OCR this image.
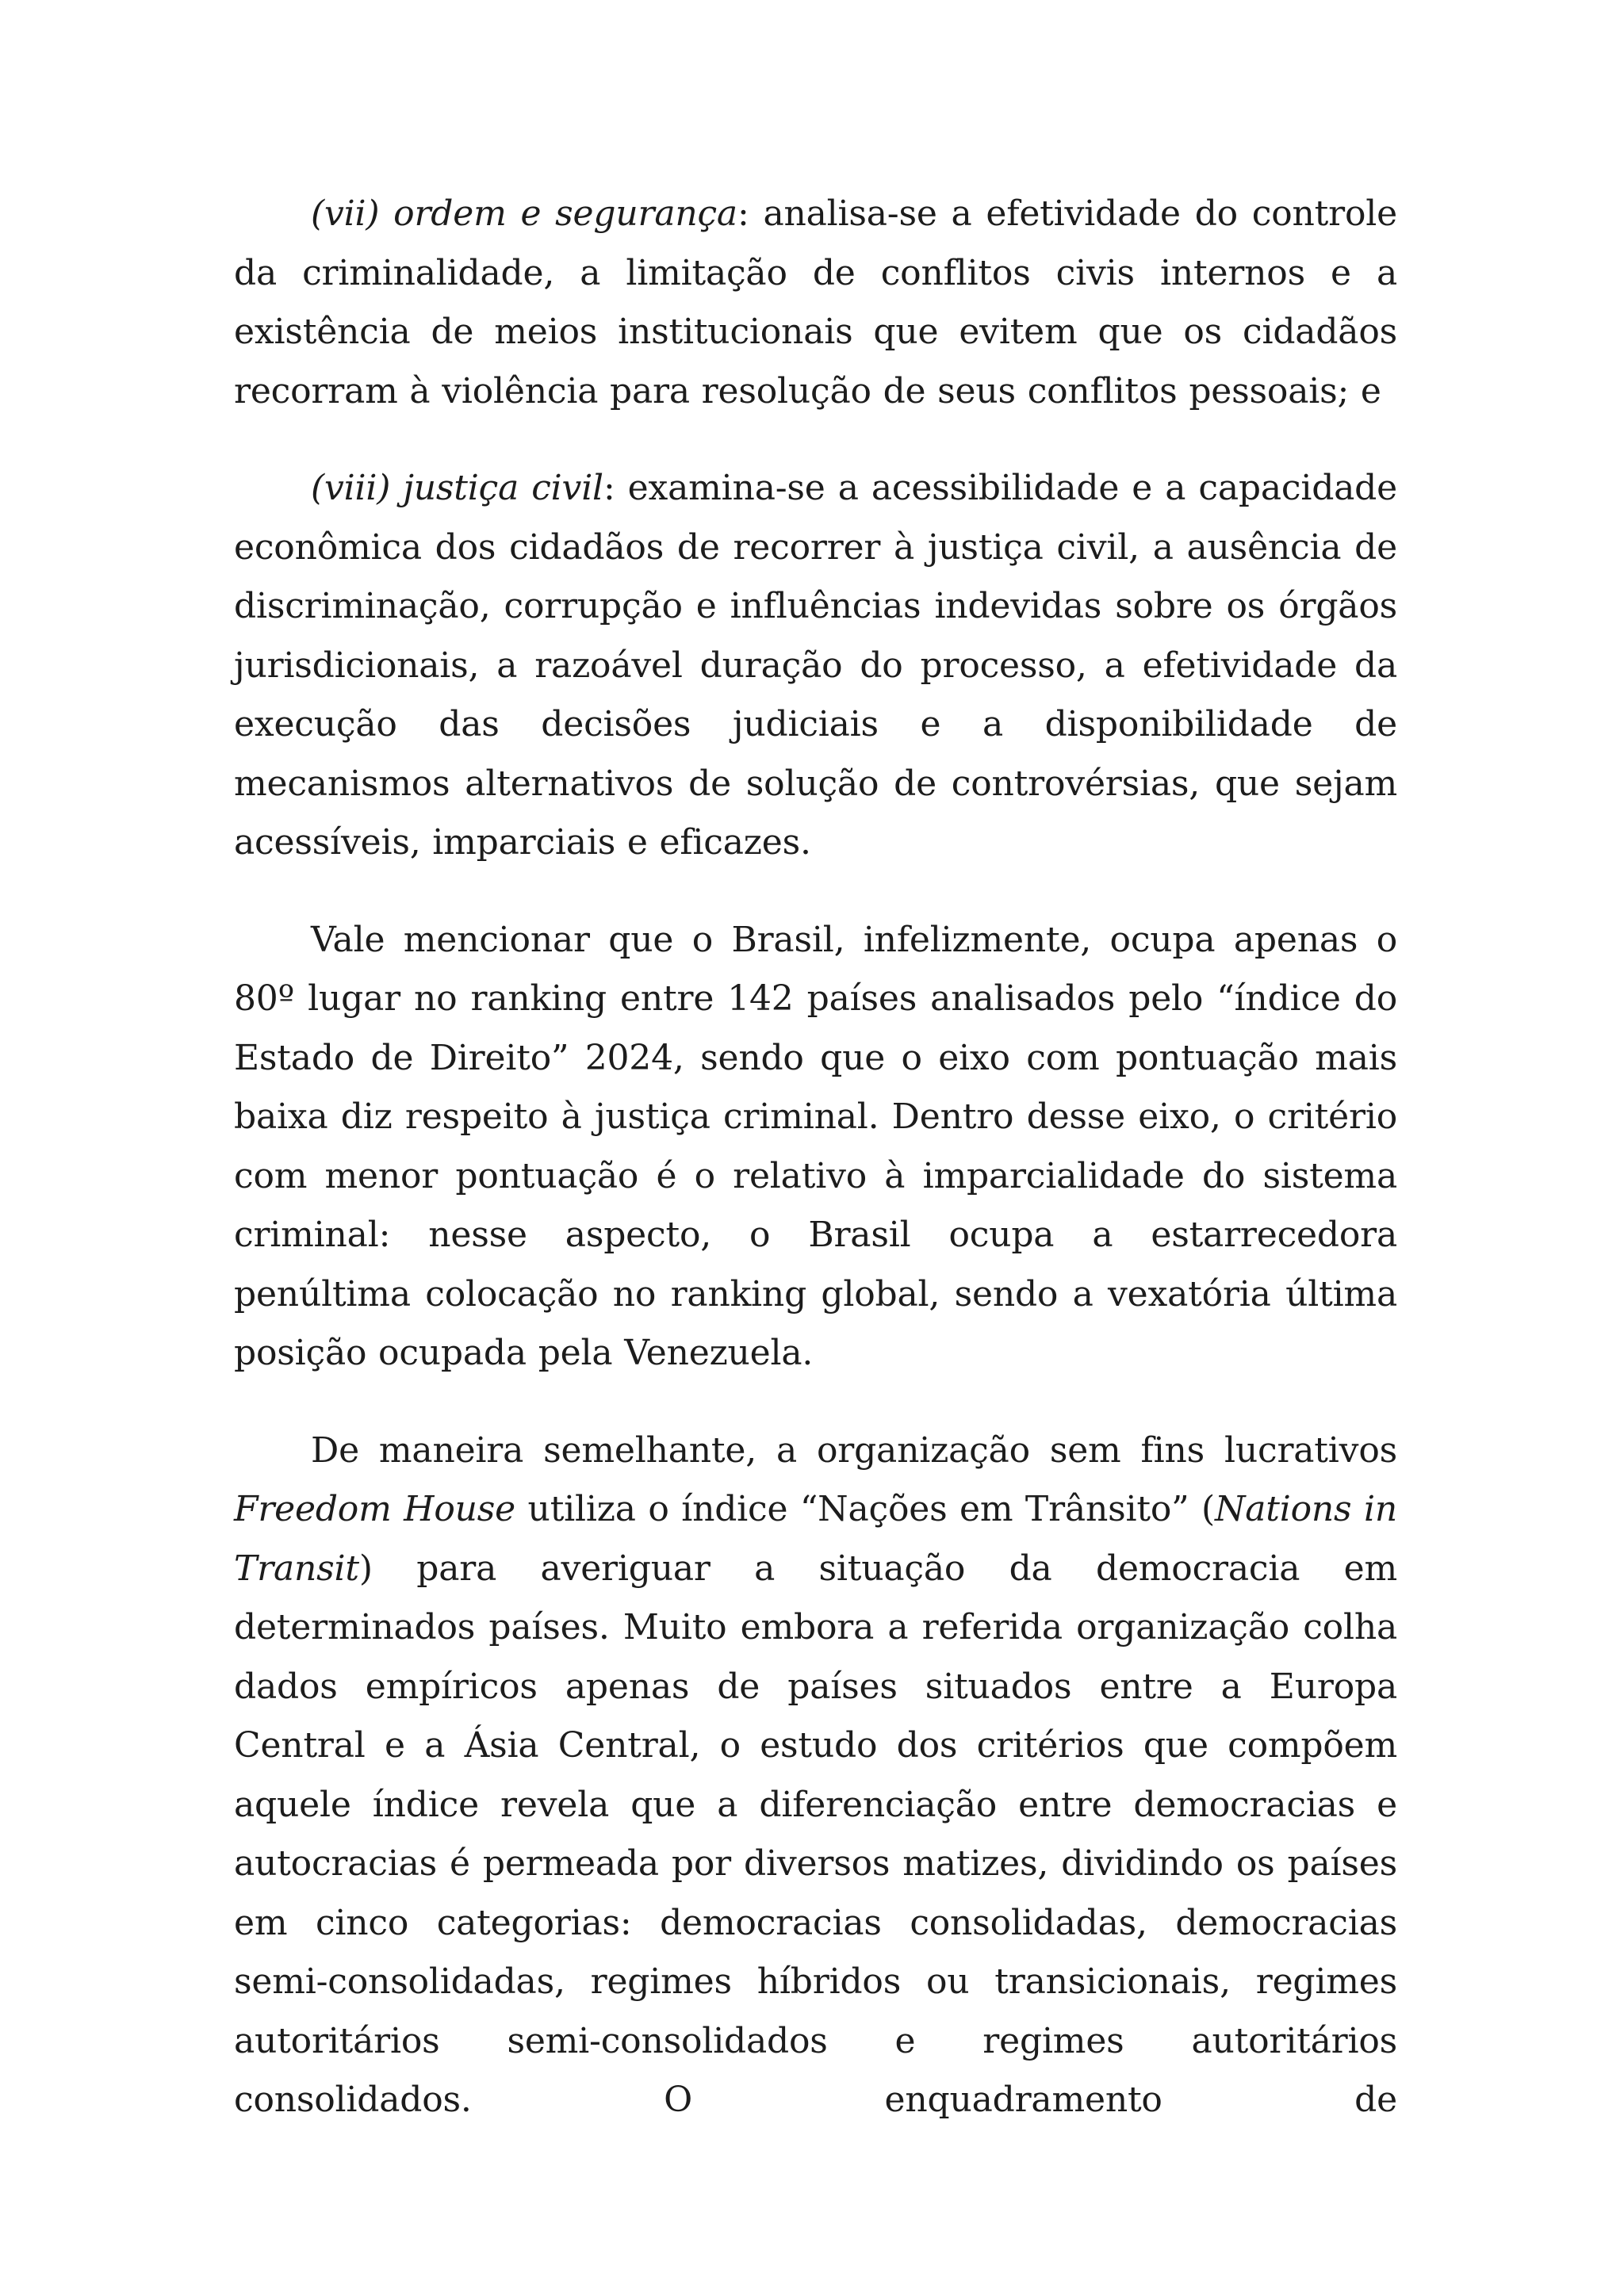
(vii) ordem e segurança: analisa-se a efetividade do controle da criminalidade, a limitação de conflitos civis internos e a existência de meios institucionais que evitem que os cidadãos recorram à violência para resolução de seus conflitos pessoais; e

(viii) justiça civil: examina-se a acessibilidade e a capacidade econômica dos cidadãos de recorrer à justiça civil, a ausência de discriminação, corrupção e influências indevidas sobre os órgãos jurisdicionais, a razoável duração do processo, a efetividade da execução das decisões judiciais e a disponibilidade de mecanismos alternativos de solução de controvérsias, que sejam acessíveis, imparciais e eficazes.

Vale mencionar que o Brasil, infelizmente, ocupa apenas o 80º lugar no ranking entre 142 países analisados pelo “índice do Estado de Direito” 2024, sendo que o eixo com pontuação mais baixa diz respeito à justiça criminal. Dentro desse eixo, o critério com menor pontuação é o relativo à imparcialidade do sistema criminal: nesse aspecto, o Brasil ocupa a estarrecedora penúltima colocação no ranking global, sendo a vexatória última posição ocupada pela Venezuela.

De maneira semelhante, a organização sem fins lucrativos Freedom House utiliza o índice “Nações em Trânsito” (Nations in Transit) para averiguar a situação da democracia em determinados países. Muito embora a referida organização colha dados empíricos apenas de países situados entre a Europa Central e a Ásia Central, o estudo dos critérios que compõem aquele índice revela que a diferenciação entre democracias e autocracias é permeada por diversos matizes, dividindo os países em cinco categorias: democracias consolidadas, democracias semi-consolidadas, regimes híbridos ou transicionais, regimes autoritários semi-consolidados e regimes autoritários consolidados. O enquadramento de
